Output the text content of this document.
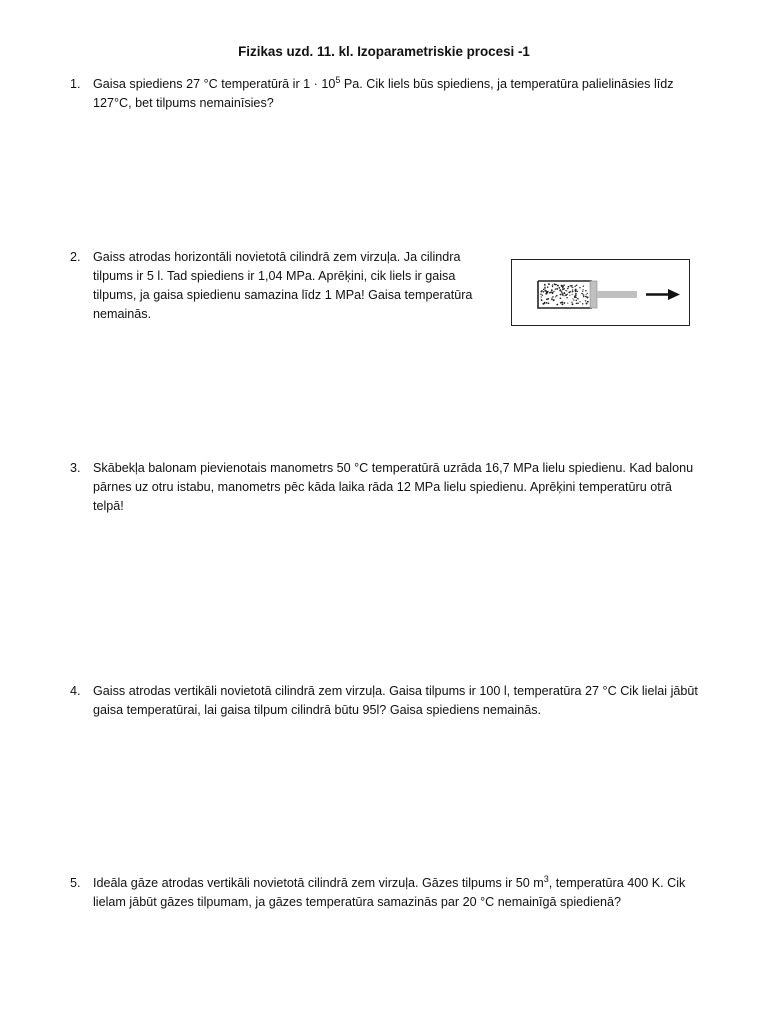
Fizikas uzd. 11. kl. Izoparametriskie procesi -1
1. Gaisa spiediens 27 °C temperatūrā ir $1 \cdot 10^5$ Pa. Cik liels būs spiediens, ja temperatūra palielināsies līdz
127°C, bet tilpums nemainīsies?
2. Gaiss atrodas horizontāli novietotā cilindrā zem virzuļa. Ja cilindra
tilpums ir 5 l. Tad spiediens ir 1,04 MPa. Aprēķini, cik liels ir gaisa
tilpums, ja gaisa spiedienu samazina līdz 1 MPa! Gaisa temperatūra
nemainās.
3. Skābekļa balonam pievienotais manometrs 50 °C temperatūrā uzrāda 16,7 MPa lielu spiedienu. Kad balonu
pārnes uz otru istabu, manometrs pēc kāda laika rāda 12 MPa lielu spiedienu. Aprēķini temperatūru otrā
telpā!
4. Gaiss atrodas vertikāli novietotā cilindrā zem virzuļa. Gaisa tilpums ir 100 l, temperatūra 27 °C Cik lielai jābūt
gaisa temperatūrai, lai gaisa tilpum cilindrā būtu 95l? Gaisa spiediens nemainās.
5. Ideāla gāze atrodas vertikāli novietotā cilindrā zem virzuļa. Gāzes tilpums ir 50 $m^3$, temperatūra 400 K. Cik
lielam jābūt gāzes tilpumam, ja gāzes temperatūra samazinās par 20 °C nemainīgā spiedienā?
